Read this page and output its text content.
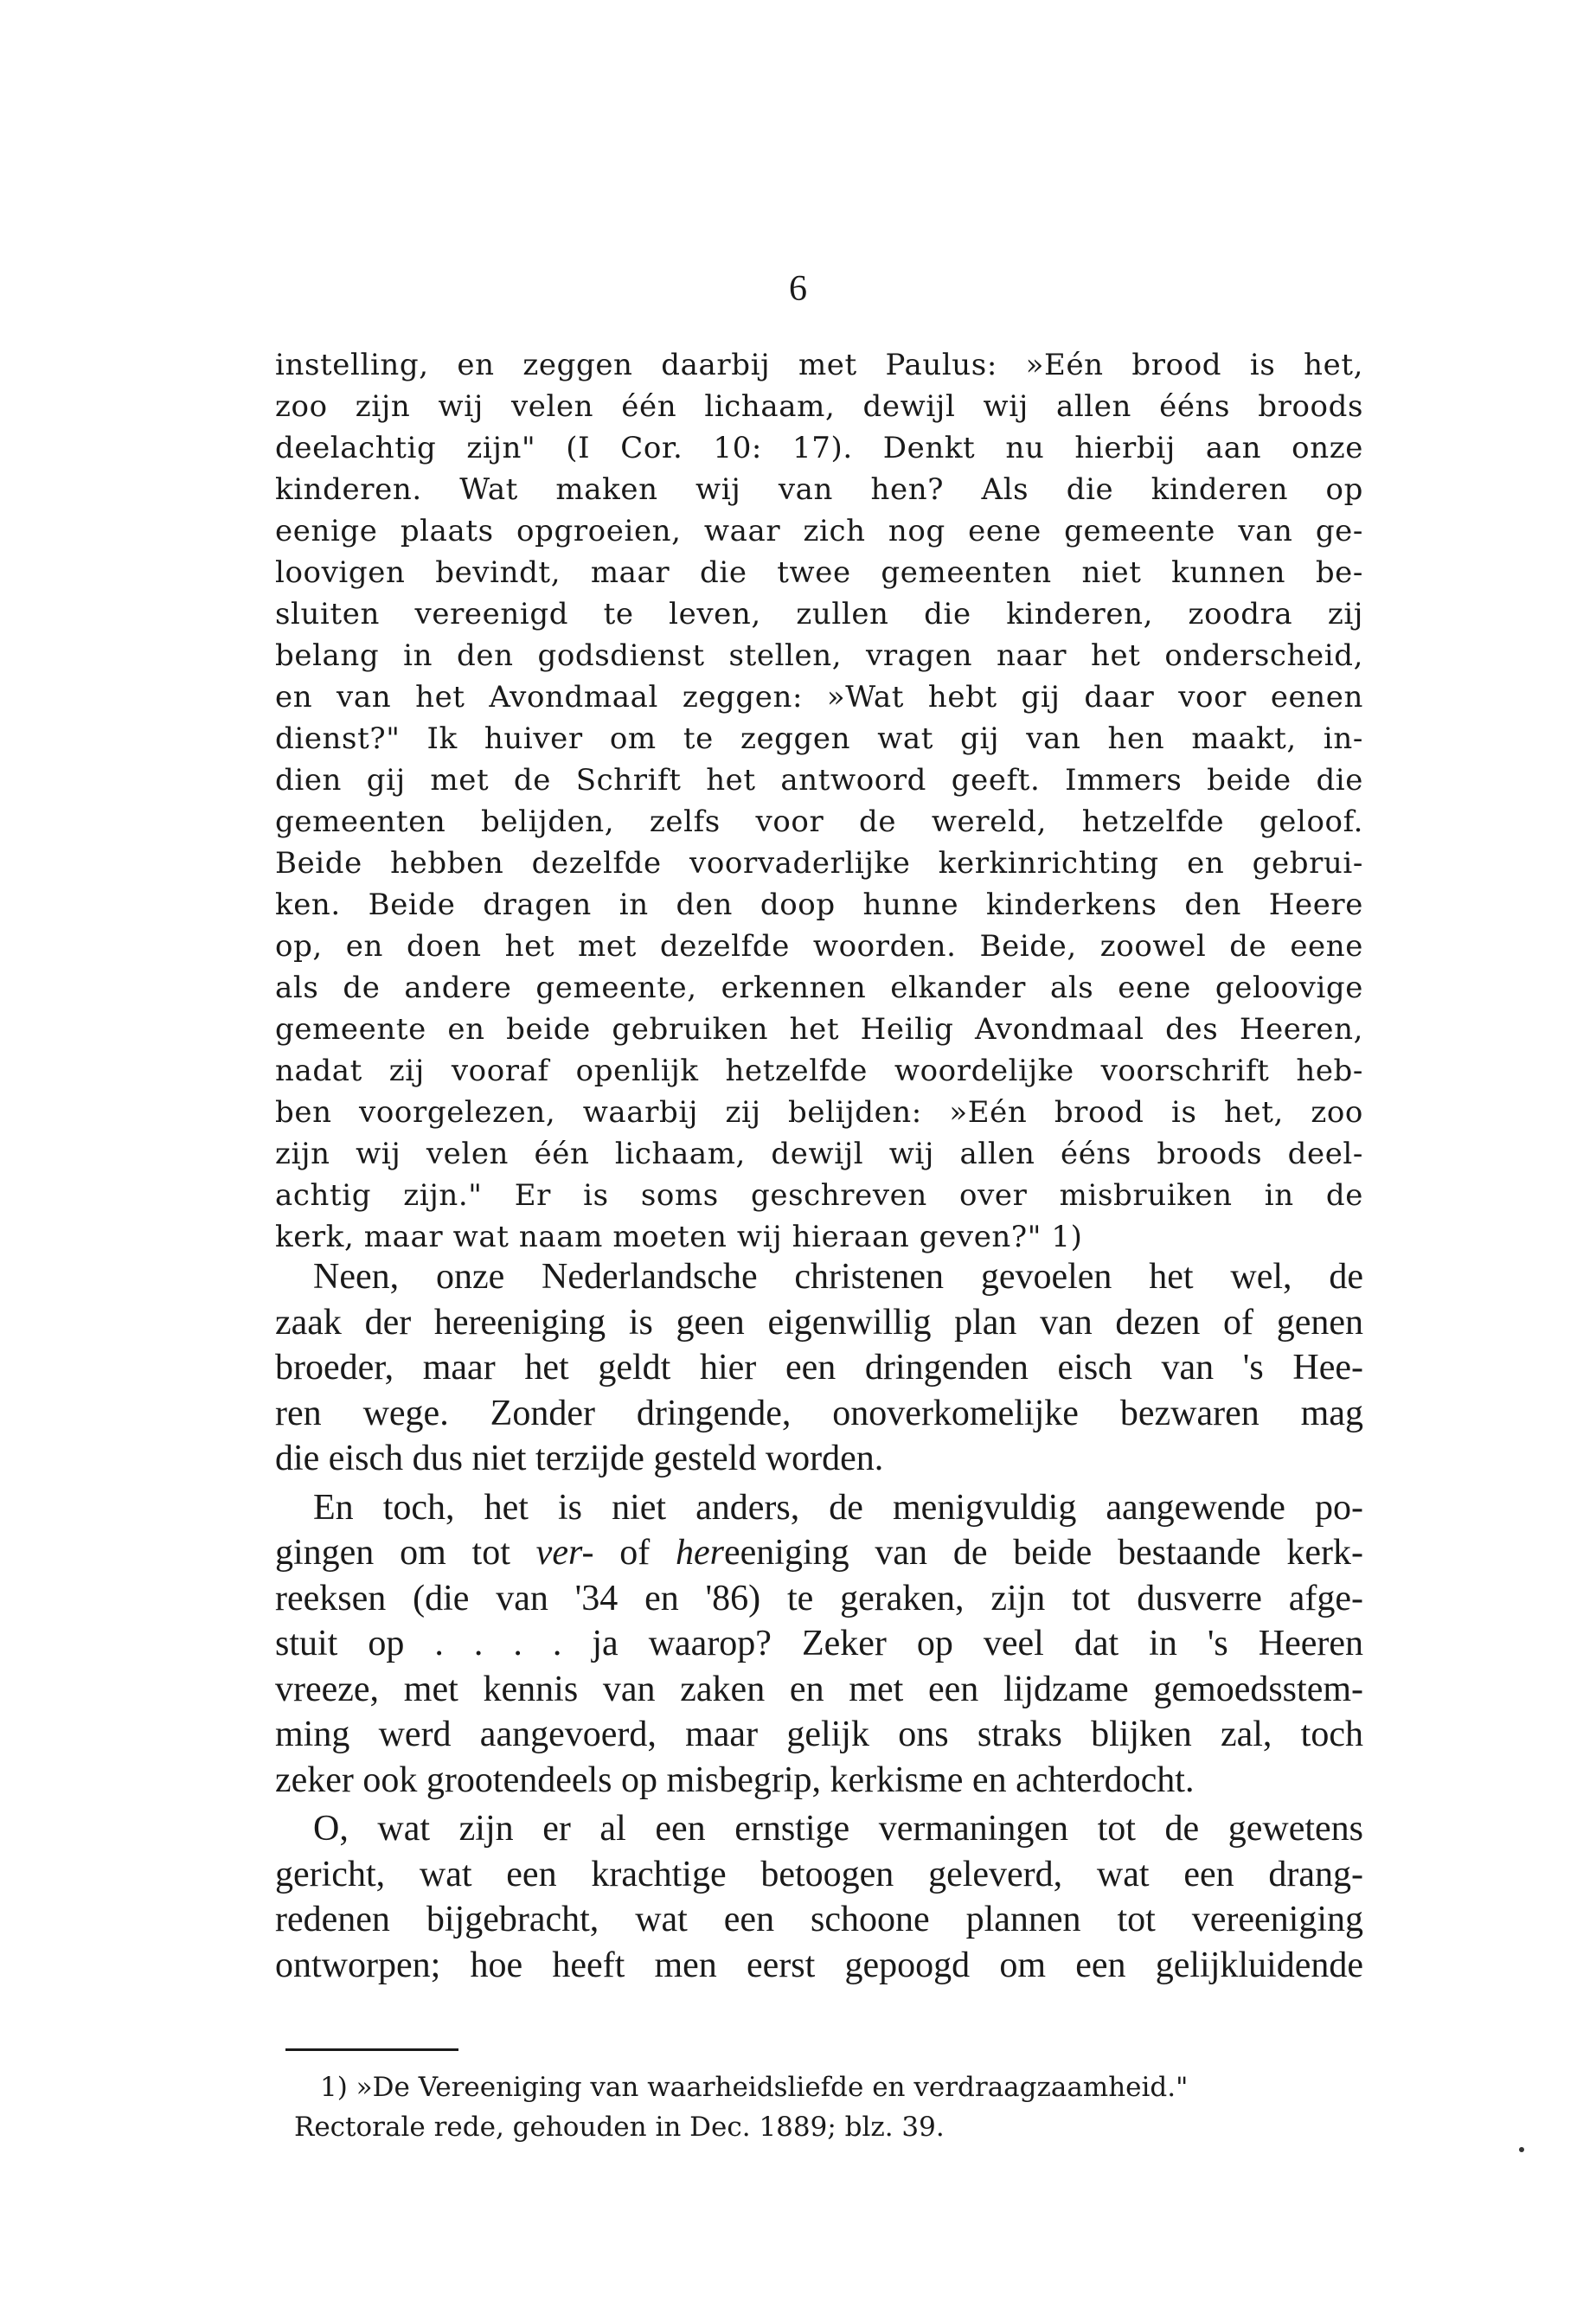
6
instelling, en zeggen daarbij met Paulus: »Eén brood is het,
zoo zijn wij velen één lichaam, dewijl wij allen ééns broods
deelachtig zijn" (I Cor. 10: 17). Denkt nu hierbij aan onze
kinderen. Wat maken wij van hen? Als die kinderen op
eenige plaats opgroeien, waar zich nog eene gemeente van ge-
loovigen bevindt, maar die twee gemeenten niet kunnen be-
sluiten vereenigd te leven, zullen die kinderen, zoodra zij
belang in den godsdienst stellen, vragen naar het onderscheid,
en van het Avondmaal zeggen: »Wat hebt gij daar voor eenen
dienst?" Ik huiver om te zeggen wat gij van hen maakt, in-
dien gij met de Schrift het antwoord geeft. Immers beide die
gemeenten belijden, zelfs voor de wereld, hetzelfde geloof.
Beide hebben dezelfde voorvaderlijke kerkinrichting en gebrui-
ken. Beide dragen in den doop hunne kinderkens den Heere
op, en doen het met dezelfde woorden. Beide, zoowel de eene
als de andere gemeente, erkennen elkander als eene geloovige
gemeente en beide gebruiken het Heilig Avondmaal des Heeren,
nadat zij vooraf openlijk hetzelfde woordelijke voorschrift heb-
ben voorgelezen, waarbij zij belijden: »Eén brood is het, zoo
zijn wij velen één lichaam, dewijl wij allen ééns broods deel-
achtig zijn." Er is soms geschreven over misbruiken in de
kerk, maar wat naam moeten wij hieraan geven?" 1)
Neen, onze Nederlandsche christenen gevoelen het wel, de
zaak der hereeniging is geen eigenwillig plan van dezen of genen
broeder, maar het geldt hier een dringenden eisch van 's Hee-
ren wege. Zonder dringende, onoverkomelijke bezwaren mag
die eisch dus niet terzijde gesteld worden.
En toch, het is niet anders, de menigvuldig aangewende po-
gingen om tot ver- of hereeniging van de beide bestaande kerk-
reeksen (die van '34 en '86) te geraken, zijn tot dusverre afge-
stuit op . . . . ja waarop? Zeker op veel dat in 's Heeren
vreeze, met kennis van zaken en met een lijdzame gemoedsstem-
ming werd aangevoerd, maar gelijk ons straks blijken zal, toch
zeker ook grootendeels op misbegrip, kerkisme en achterdocht.
O, wat zijn er al een ernstige vermaningen tot de gewetens
gericht, wat een krachtige betoogen geleverd, wat een drang-
redenen bijgebracht, wat een schoone plannen tot vereeniging
ontworpen; hoe heeft men eerst gepoogd om een gelijkluidende
1) »De Vereeniging van waarheidsliefde en verdraagzaamheid."
Rectorale rede, gehouden in Dec. 1889; blz. 39.
